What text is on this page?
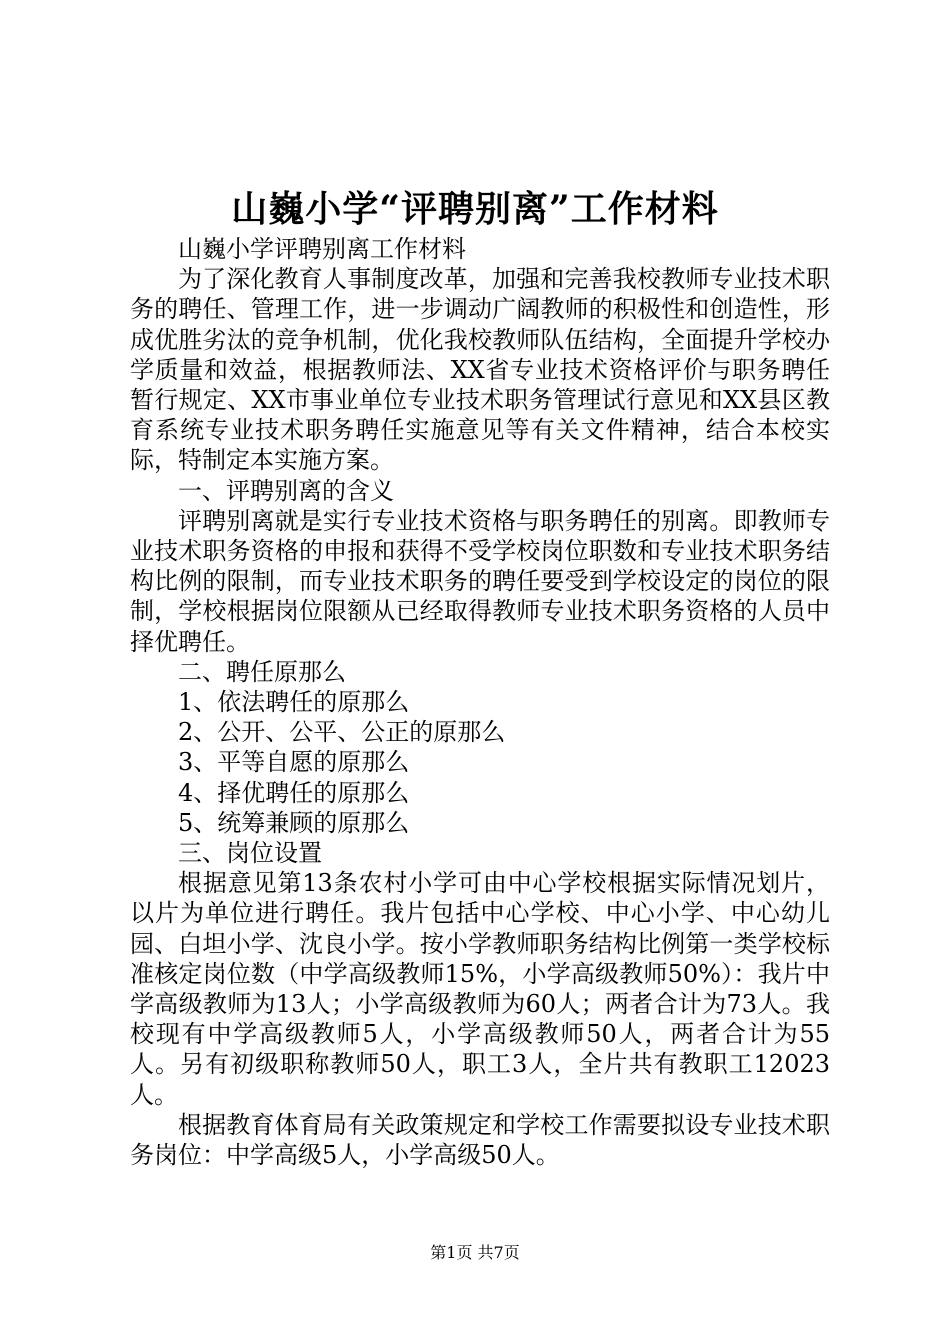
山巍小学“评聘别离”工作材料

山巍小学评聘别离工作材料

为了深化教育人事制度改革，加强和完善我校教师专业技术职务的聘任、管理工作，进一步调动广阔教师的积极性和创造性，形成优胜劣汰的竞争机制，优化我校教师队伍结构，全面提升学校办学质量和效益，根据教师法、XX省专业技术资格评价与职务聘任暂行规定、XX市事业单位专业技术职务管理试行意见和XX县区教育系统专业技术职务聘任实施意见等有关文件精神，结合本校实际，特制定本实施方案。

一、评聘别离的含义

评聘别离就是实行专业技术资格与职务聘任的别离。即教师专业技术职务资格的申报和获得不受学校岗位职数和专业技术职务结构比例的限制，而专业技术职务的聘任要受到学校设定的岗位的限制，学校根据岗位限额从已经取得教师专业技术职务资格的人员中择优聘任。

二、聘任原那么

1、依法聘任的原那么

2、公开、公平、公正的原那么

3、平等自愿的原那么

4、择优聘任的原那么

5、统筹兼顾的原那么

三、岗位设置

根据意见第13条农村小学可由中心学校根据实际情况划片，以片为单位进行聘任。我片包括中心学校、中心小学、中心幼儿园、白坦小学、沈良小学。按小学教师职务结构比例第一类学校标准核定岗位数（中学高级教师15%，小学高级教师50%）：我片中学高级教师为13人；小学高级教师为60人；两者合计为73人。我校现有中学高级教师5人，小学高级教师50人，两者合计为55人。另有初级职称教师50人，职工3人，全片共有教职工12023人。

根据教育体育局有关政策规定和学校工作需要拟设专业技术职务岗位：中学高级5人，小学高级50人。

第1页 共7页
